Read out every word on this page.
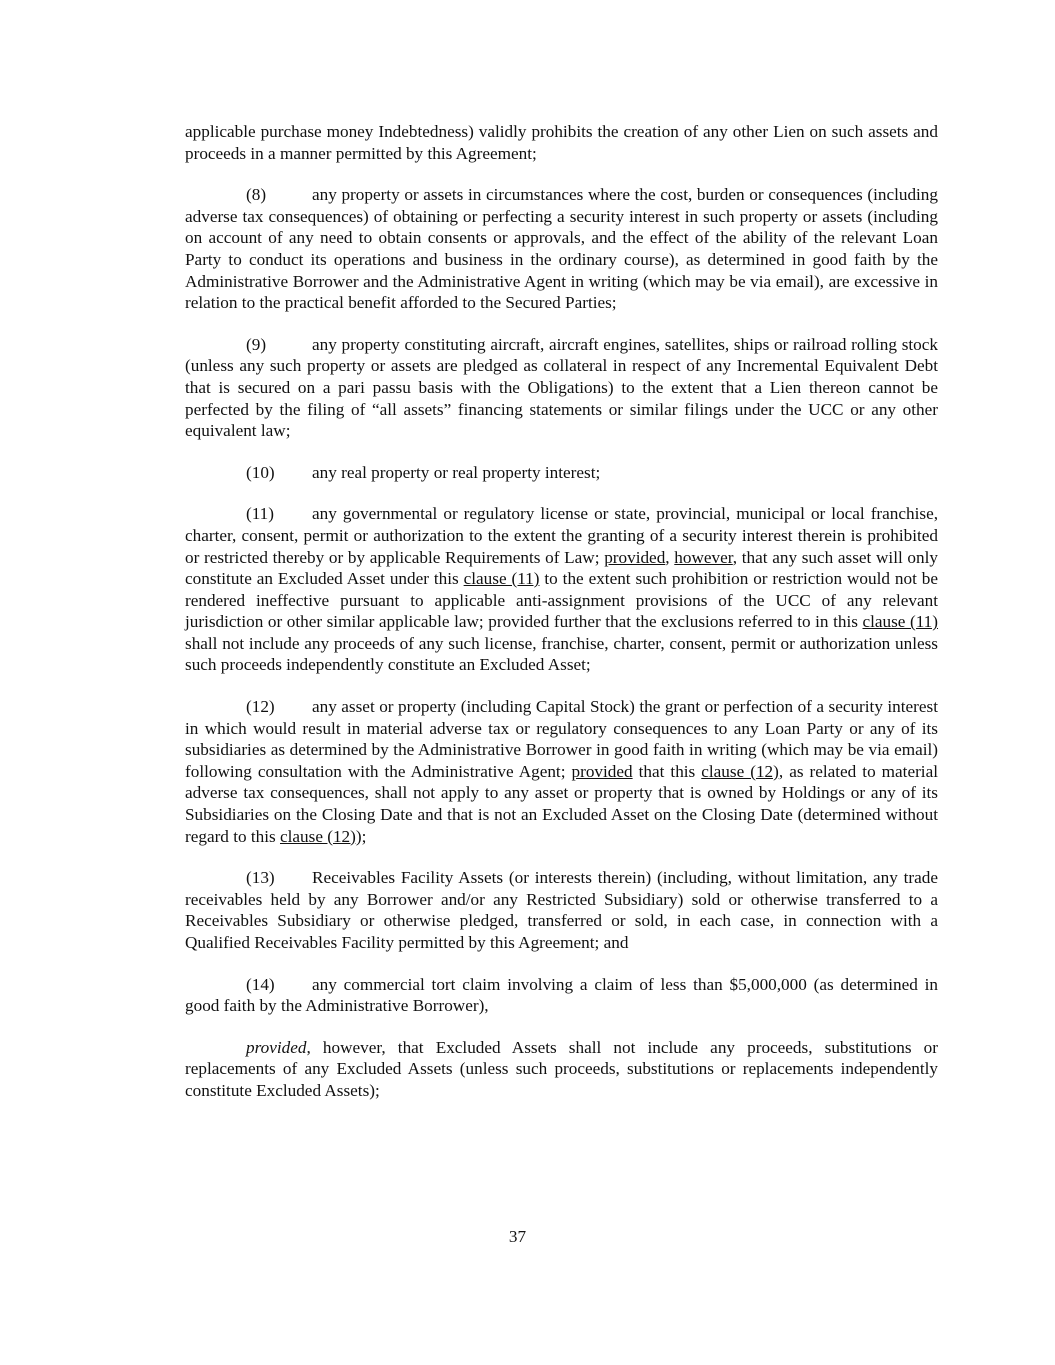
applicable purchase money Indebtedness) validly prohibits the creation of any other Lien on such assets and proceeds in a manner permitted by this Agreement;

(8)	any property or assets in circumstances where the cost, burden or consequences (including adverse tax consequences) of obtaining or perfecting a security interest in such property or assets (including on account of any need to obtain consents or approvals, and the effect of the ability of the relevant Loan Party to conduct its operations and business in the ordinary course), as determined in good faith by the Administrative Borrower and the Administrative Agent in writing (which may be via email), are excessive in relation to the practical benefit afforded to the Secured Parties;

(9)	any property constituting aircraft, aircraft engines, satellites, ships or railroad rolling stock (unless any such property or assets are pledged as collateral in respect of any Incremental Equivalent Debt that is secured on a pari passu basis with the Obligations) to the extent that a Lien thereon cannot be perfected by the filing of “all assets” financing statements or similar filings under the UCC or any other equivalent law;

(10) any real property or real property interest;

(11) any governmental or regulatory license or state, provincial, municipal or local franchise, charter, consent, permit or authorization to the extent the granting of a security interest therein is prohibited or restricted thereby or by applicable Requirements of Law; provided, however, that any such asset will only constitute an Excluded Asset under this clause (11) to the extent such prohibition or restriction would not be rendered ineffective pursuant to applicable anti-assignment provisions of the UCC of any relevant jurisdiction or other similar applicable law; provided further that the exclusions referred to in this clause (11) shall not include any proceeds of any such license, franchise, charter, consent, permit or authorization unless such proceeds independently constitute an Excluded Asset;

(12) any asset or property (including Capital Stock) the grant or perfection of a security interest in which would result in material adverse tax or regulatory consequences to any Loan Party or any of its subsidiaries as determined by the Administrative Borrower in good faith in writing (which may be via email) following consultation with the Administrative Agent; provided that this clause (12), as related to material adverse tax consequences, shall not apply to any asset or property that is owned by Holdings or any of its Subsidiaries on the Closing Date and that is not an Excluded Asset on the Closing Date (determined without regard to this clause (12));

(13) Receivables Facility Assets (or interests therein) (including, without limitation, any trade receivables held by any Borrower and/or any Restricted Subsidiary) sold or otherwise transferred to a Receivables Subsidiary or otherwise pledged, transferred or sold, in each case, in connection with a Qualified Receivables Facility permitted by this Agreement; and

(14) any commercial tort claim involving a claim of less than $5,000,000 (as determined in good faith by the Administrative Borrower),

provided, however, that Excluded Assets shall not include any proceeds, substitutions or replacements of any Excluded Assets (unless such proceeds, substitutions or replacements independently constitute Excluded Assets);

37
